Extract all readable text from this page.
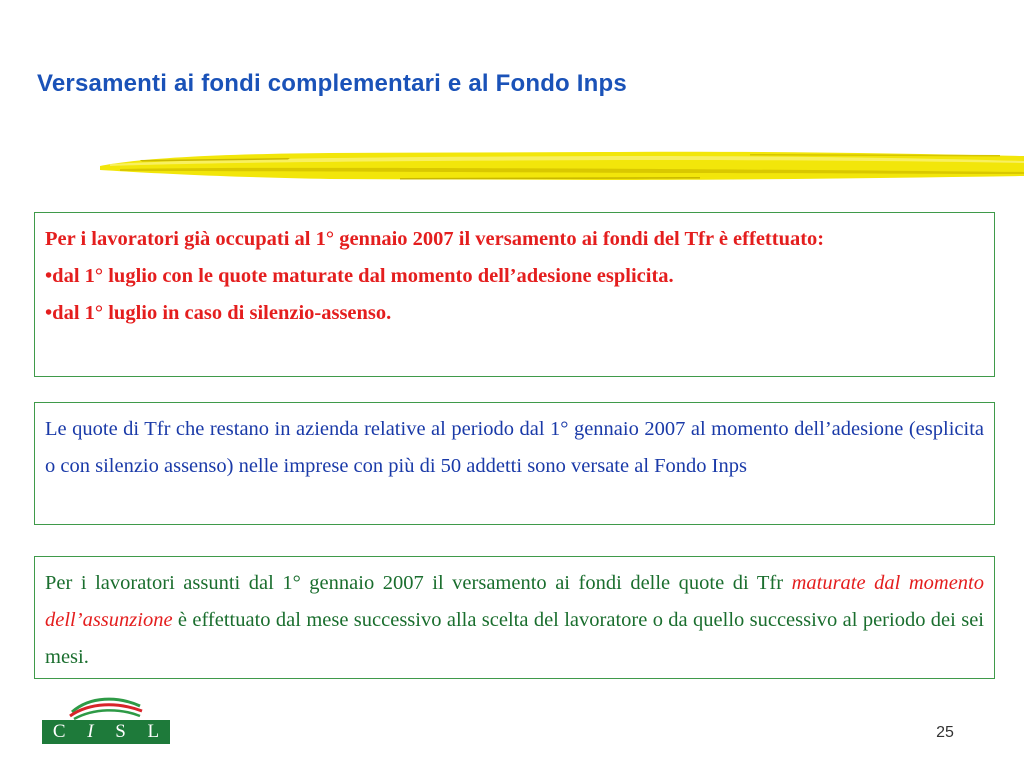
Versamenti ai fondi complementari e al Fondo Inps

Per i lavoratori già occupati al 1° gennaio 2007 il versamento ai fondi del Tfr è effettuato:

•dal 1° luglio con le quote maturate dal momento dell’adesione esplicita.

•dal 1° luglio in caso di silenzio-assenso.

Le quote di Tfr che restano in azienda relative al periodo dal 1° gennaio 2007 al momento dell’adesione (esplicita o con silenzio assenso) nelle imprese con più di 50 addetti sono versate al Fondo Inps
Per i lavoratori assunti dal 1° gennaio 2007 il versamento ai fondi delle quote di Tfr maturate dal momento dell’assunzione è effettuato dal mese successivo alla scelta del lavoratore o da quello successivo al periodo dei sei mesi.
C I S L	25
